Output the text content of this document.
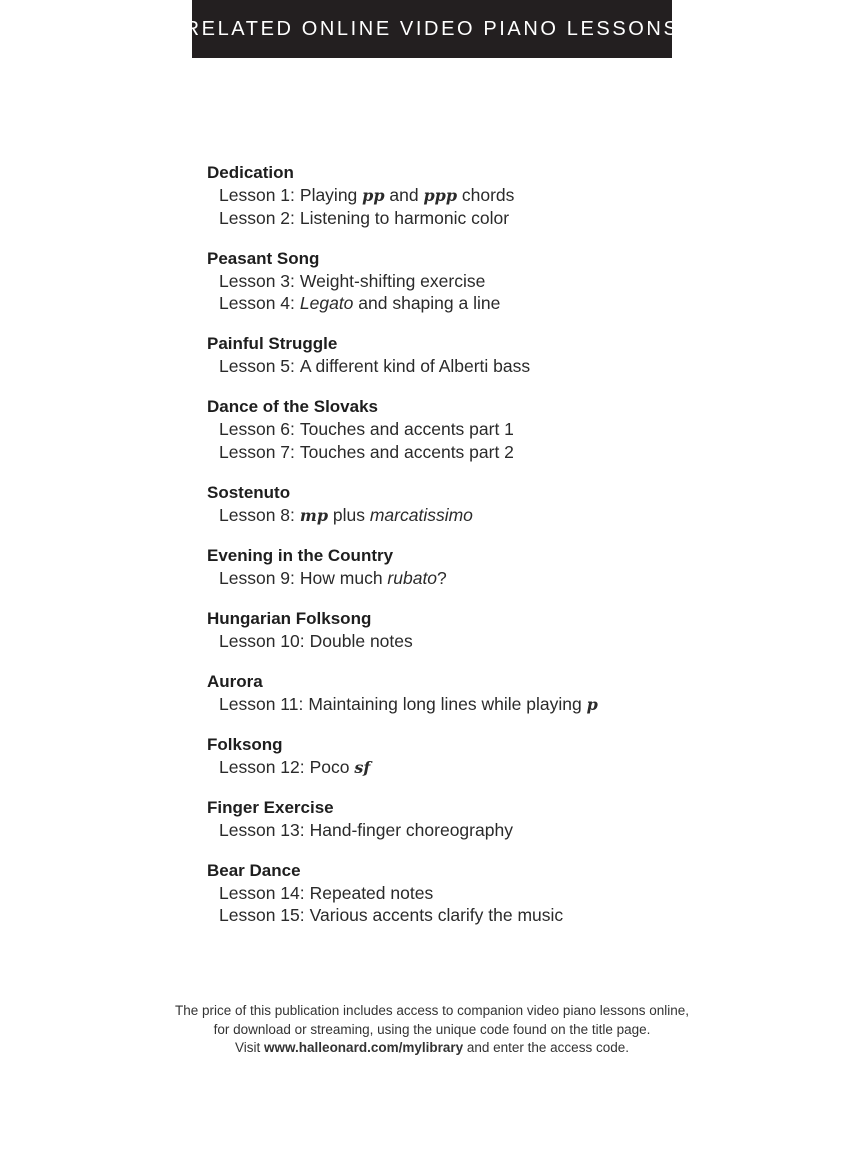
RELATED ONLINE VIDEO PIANO LESSONS
Dedication
Lesson 1: Playing pp and ppp chords
Lesson 2: Listening to harmonic color
Peasant Song
Lesson 3: Weight-shifting exercise
Lesson 4: Legato and shaping a line
Painful Struggle
Lesson 5: A different kind of Alberti bass
Dance of the Slovaks
Lesson 6: Touches and accents part 1
Lesson 7: Touches and accents part 2
Sostenuto
Lesson 8: mp plus marcatissimo
Evening in the Country
Lesson 9: How much rubato?
Hungarian Folksong
Lesson 10: Double notes
Aurora
Lesson 11: Maintaining long lines while playing p
Folksong
Lesson 12: Poco sf
Finger Exercise
Lesson 13: Hand-finger choreography
Bear Dance
Lesson 14: Repeated notes
Lesson 15: Various accents clarify the music
The price of this publication includes access to companion video piano lessons online,
for download or streaming, using the unique code found on the title page.
Visit www.halleonard.com/mylibrary and enter the access code.
